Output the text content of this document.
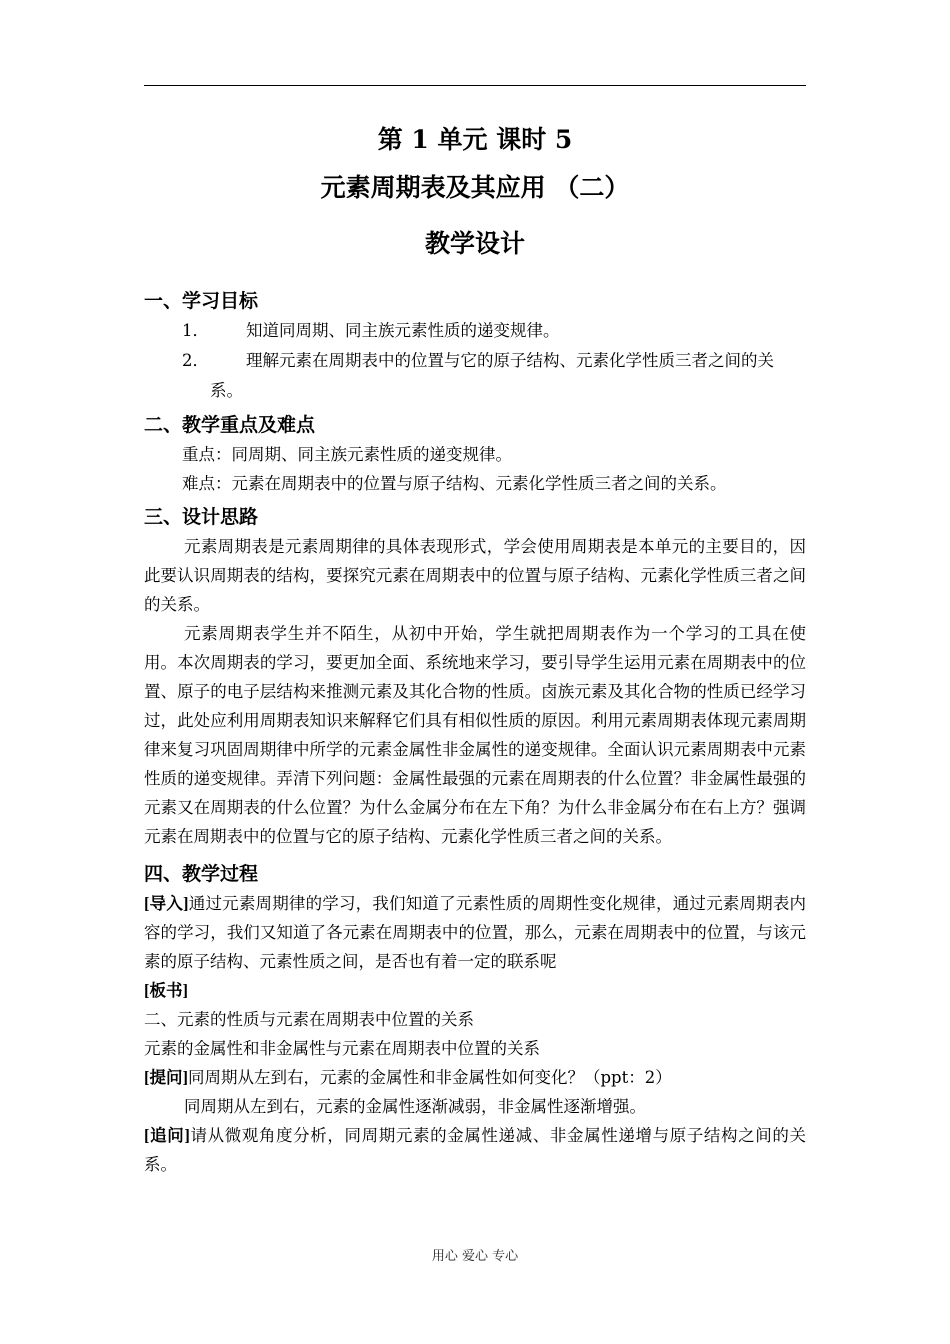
第 1 单元 课时 5
元素周期表及其应用 （二）
教学设计
一、学习目标

1．	知道同周期、同主族元素性质的递变规律。

2．	理解元素在周期表中的位置与它的原子结构、元素化学性质三者之间的关系。

二、教学重点及难点

重点：同周期、同主族元素性质的递变规律。

难点：元素在周期表中的位置与原子结构、元素化学性质三者之间的关系。

三、设计思路

元素周期表是元素周期律的具体表现形式，学会使用周期表是本单元的主要目的，因此要认识周期表的结构，要探究元素在周期表中的位置与原子结构、元素化学性质三者之间的关系。

元素周期表学生并不陌生，从初中开始，学生就把周期表作为一个学习的工具在使用。本次周期表的学习，要更加全面、系统地来学习，要引导学生运用元素在周期表中的位置、原子的电子层结构来推测元素及其化合物的性质。卤族元素及其化合物的性质已经学习过，此处应利用周期表知识来解释它们具有相似性质的原因。利用元素周期表体现元素周期律来复习巩固周期律中所学的元素金属性非金属性的递变规律。全面认识元素周期表中元素性质的递变规律。弄清下列问题：金属性最强的元素在周期表的什么位置？非金属性最强的元素又在周期表的什么位置？为什么金属分布在左下角？为什么非金属分布在右上方？强调元素在周期表中的位置与它的原子结构、元素化学性质三者之间的关系。

四、教学过程

[导入]通过元素周期律的学习，我们知道了元素性质的周期性变化规律，通过元素周期表内容的学习，我们又知道了各元素在周期表中的位置，那么，元素在周期表中的位置，与该元素的原子结构、元素性质之间，是否也有着一定的联系呢

[板书]

二、元素的性质与元素在周期表中位置的关系

元素的金属性和非金属性与元素在周期表中位置的关系

[提问]同周期从左到右，元素的金属性和非金属性如何变化？（ppt：2）

同周期从左到右，元素的金属性逐渐减弱，非金属性逐渐增强。

[追问]请从微观角度分析，同周期元素的金属性递减、非金属性递增与原子结构之间的关系。

用心 爱心 专心
